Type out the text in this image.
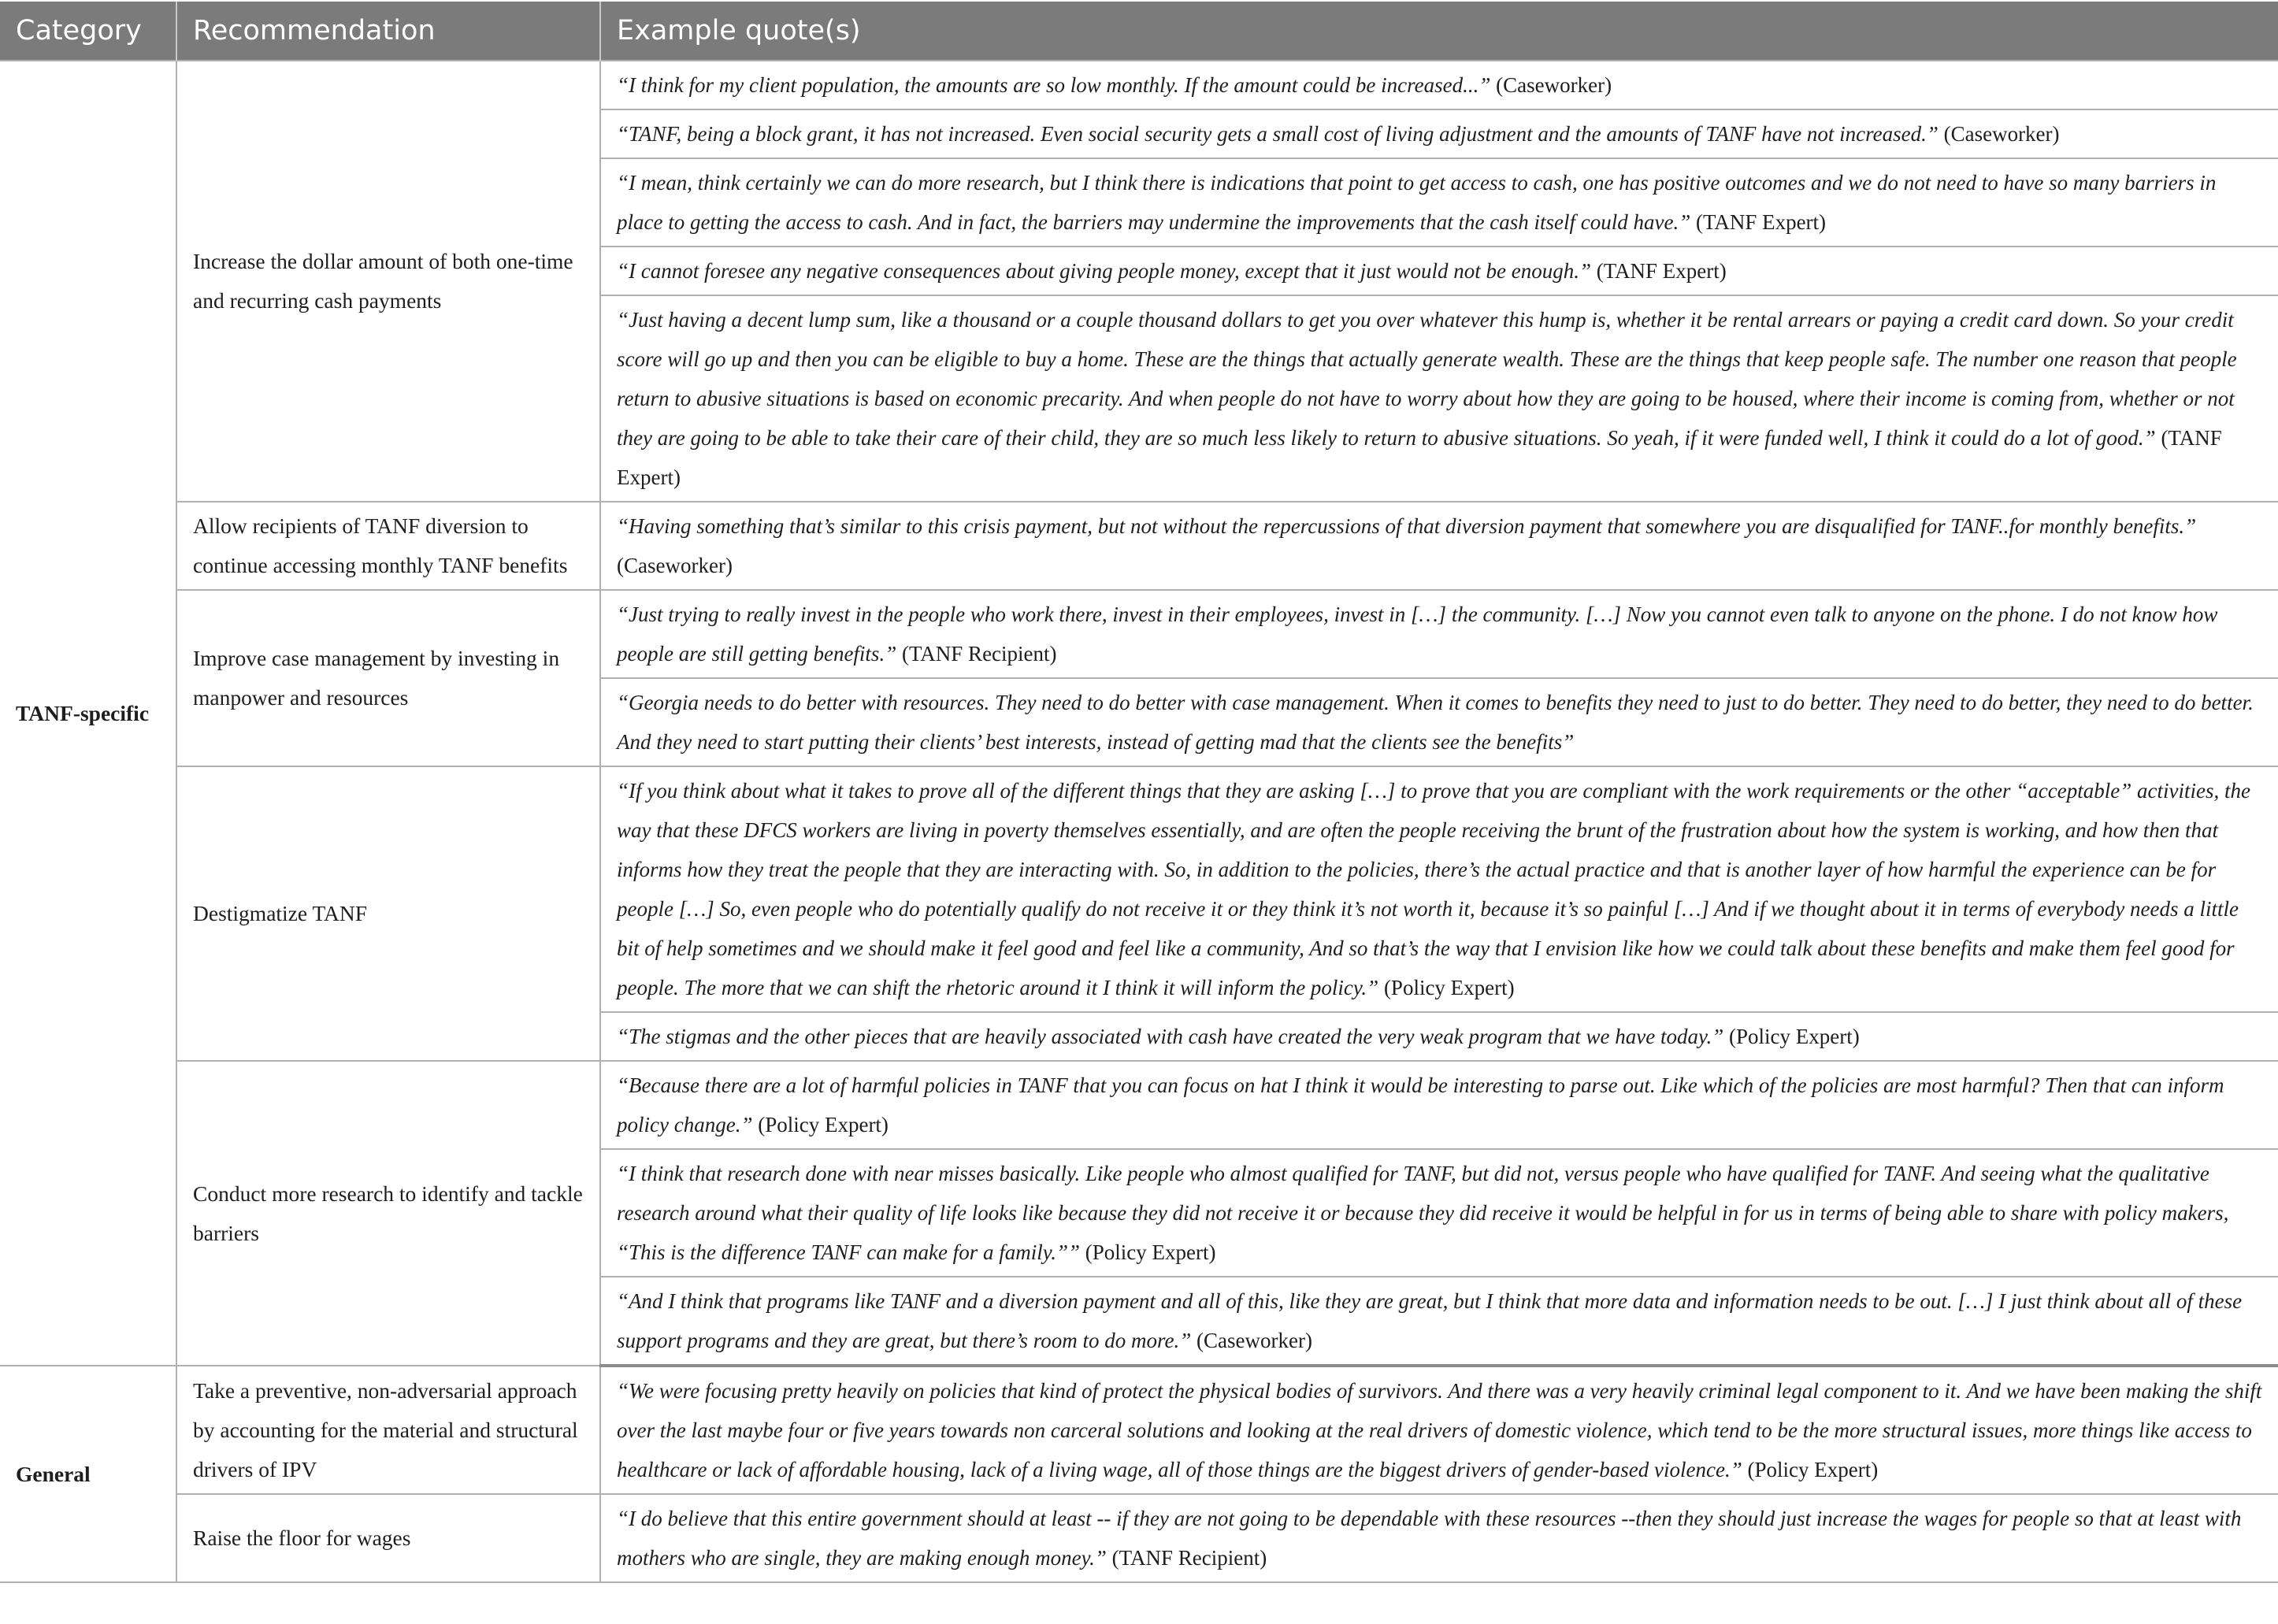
Category	Recommendation	Example quote(s)
TANF-specific	Increase the dollar amount of both one-time and recurring cash payments	“I think for my client population, the amounts are so low monthly. If the amount could be increased...” (Caseworker)
		“TANF, being a block grant, it has not increased. Even social security gets a small cost of living adjustment and the amounts of TANF have not increased.” (Caseworker)
		“I mean, think certainly we can do more research, but I think there is indications that point to get access to cash, one has positive outcomes and we do not need to have so many barriers in place to getting the access to cash. And in fact, the barriers may undermine the improvements that the cash itself could have.” (TANF Expert)
		“I cannot foresee any negative consequences about giving people money, except that it just would not be enough.” (TANF Expert)
		“Just having a decent lump sum, like a thousand or a couple thousand dollars to get you over whatever this hump is, whether it be rental arrears or paying a credit card down. So your credit score will go up and then you can be eligible to buy a home. These are the things that actually generate wealth. These are the things that keep people safe. The number one reason that people return to abusive situations is based on economic precarity. And when people do not have to worry about how they are going to be housed, where their income is coming from, whether or not they are going to be able to take their care of their child, they are so much less likely to return to abusive situations. So yeah, if it were funded well, I think it could do a lot of good.” (TANF Expert)
	Allow recipients of TANF diversion to continue accessing monthly TANF benefits	“Having something that’s similar to this crisis payment, but not without the repercussions of that diversion payment that somewhere you are disqualified for TANF..for monthly benefits.” (Caseworker)
	Improve case management by investing in manpower and resources	“Just trying to really invest in the people who work there, invest in their employees, invest in […] the community. […] Now you cannot even talk to anyone on the phone. I do not know how people are still getting benefits.” (TANF Recipient)
		“Georgia needs to do better with resources. They need to do better with case management. When it comes to benefits they need to just to do better. They need to do better, they need to do better. And they need to start putting their clients’ best interests, instead of getting mad that the clients see the benefits”
	Destigmatize TANF	“If you think about what it takes to prove all of the different things that they are asking […] to prove that you are compliant with the work requirements or the other “acceptable” activities, the way that these DFCS workers are living in poverty themselves essentially, and are often the people receiving the brunt of the frustration about how the system is working, and how then that informs how they treat the people that they are interacting with. So, in addition to the policies, there’s the actual practice and that is another layer of how harmful the experience can be for people […] So, even people who do potentially qualify do not receive it or they think it’s not worth it, because it’s so painful […] And if we thought about it in terms of everybody needs a little bit of help sometimes and we should make it feel good and feel like a community, And so that’s the way that I envision like how we could talk about these benefits and make them feel good for people. The more that we can shift the rhetoric around it I think it will inform the policy.” (Policy Expert)
		“The stigmas and the other pieces that are heavily associated with cash have created the very weak program that we have today.” (Policy Expert)
	Conduct more research to identify and tackle barriers	“Because there are a lot of harmful policies in TANF that you can focus on hat I think it would be interesting to parse out. Like which of the policies are most harmful? Then that can inform policy change.” (Policy Expert)
		“I think that research done with near misses basically. Like people who almost qualified for TANF, but did not, versus people who have qualified for TANF. And seeing what the qualitative research around what their quality of life looks like because they did not receive it or because they did receive it would be helpful in for us in terms of being able to share with policy makers, “This is the difference TANF can make for a family.”” (Policy Expert)
		“And I think that programs like TANF and a diversion payment and all of this, like they are great, but I think that more data and information needs to be out. […] I just think about all of these support programs and they are great, but there’s room to do more.” (Caseworker)
General	Take a preventive, non-adversarial approach by accounting for the material and structural drivers of IPV	“We were focusing pretty heavily on policies that kind of protect the physical bodies of survivors. And there was a very heavily criminal legal component to it. And we have been making the shift over the last maybe four or five years towards non carceral solutions and looking at the real drivers of domestic violence, which tend to be the more structural issues, more things like access to healthcare or lack of affordable housing, lack of a living wage, all of those things are the biggest drivers of gender-based violence.” (Policy Expert)
	Raise the floor for wages	“I do believe that this entire government should at least -- if they are not going to be dependable with these resources --then they should just increase the wages for people so that at least with mothers who are single, they are making enough money.” (TANF Recipient)
